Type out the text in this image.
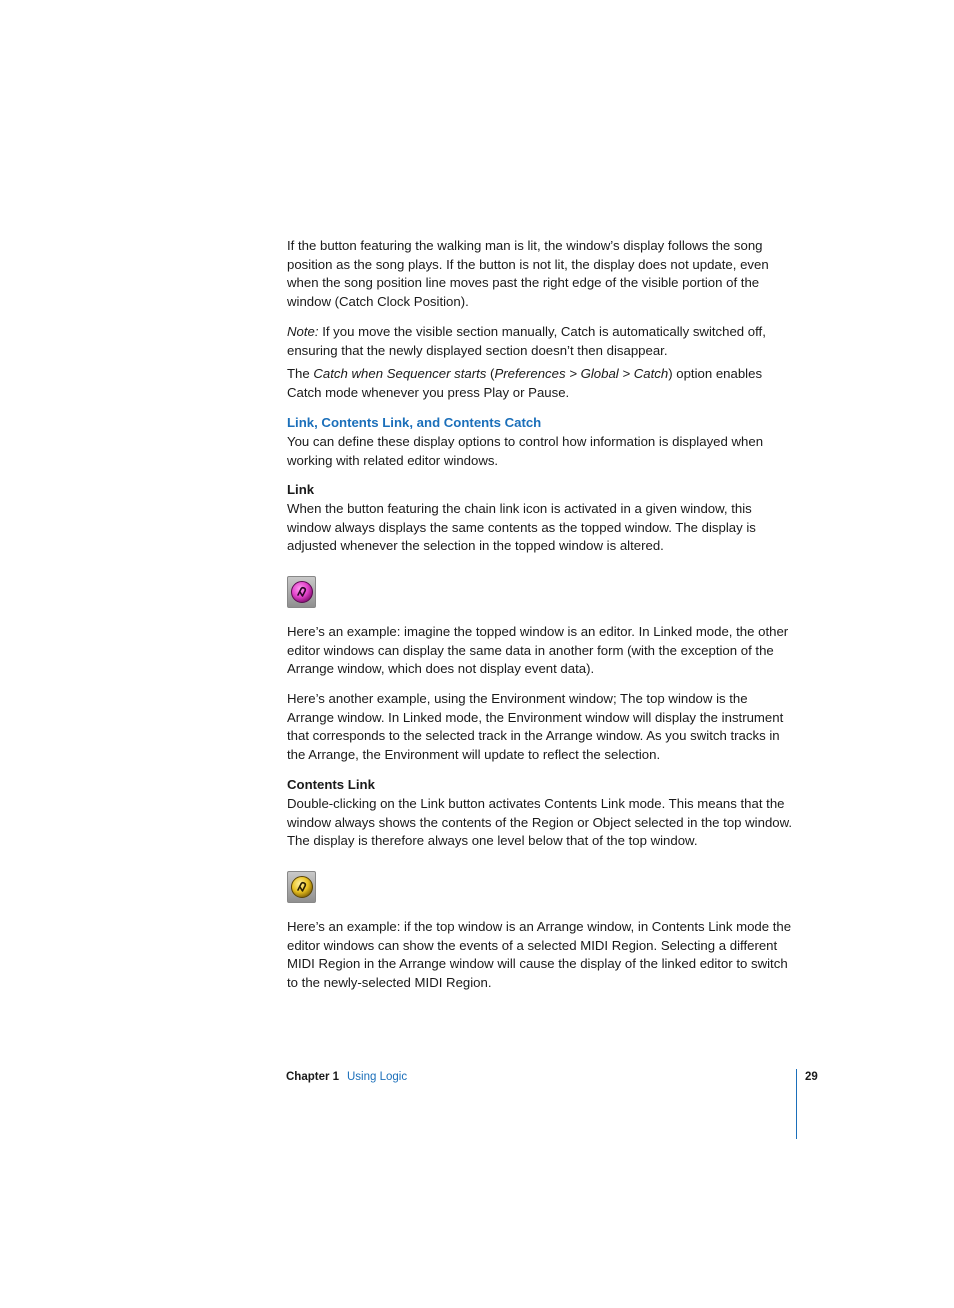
If the button featuring the walking man is lit, the window’s display follows the song position as the song plays. If the button is not lit, the display does not update, even when the song position line moves past the right edge of the visible portion of the window (Catch Clock Position).

Note: If you move the visible section manually, Catch is automatically switched off, ensuring that the newly displayed section doesn’t then disappear.

The Catch when Sequencer starts (Preferences > Global > Catch) option enables Catch mode whenever you press Play or Pause.

Link, Contents Link, and Contents Catch

You can define these display options to control how information is displayed when working with related editor windows.

Link

When the button featuring the chain link icon is activated in a given window, this window always displays the same contents as the topped window. The display is adjusted whenever the selection in the topped window is altered.

Here’s an example: imagine the topped window is an editor. In Linked mode, the other editor windows can display the same data in another form (with the exception of the Arrange window, which does not display event data).

Here’s another example, using the Environment window; The top window is the Arrange window. In Linked mode, the Environment window will display the instrument that corresponds to the selected track in the Arrange window. As you switch tracks in the Arrange, the Environment will update to reflect the selection.

Contents Link

Double-clicking on the Link button activates Contents Link mode. This means that the window always shows the contents of the Region or Object selected in the top window. The display is therefore always one level below that of the top window.

Here’s an example: if the top window is an Arrange window, in Contents Link mode the editor windows can show the events of a selected MIDI Region. Selecting a different MIDI Region in the Arrange window will cause the display of the linked editor to switch to the newly-selected MIDI Region.

Chapter 1 Using Logic	29
